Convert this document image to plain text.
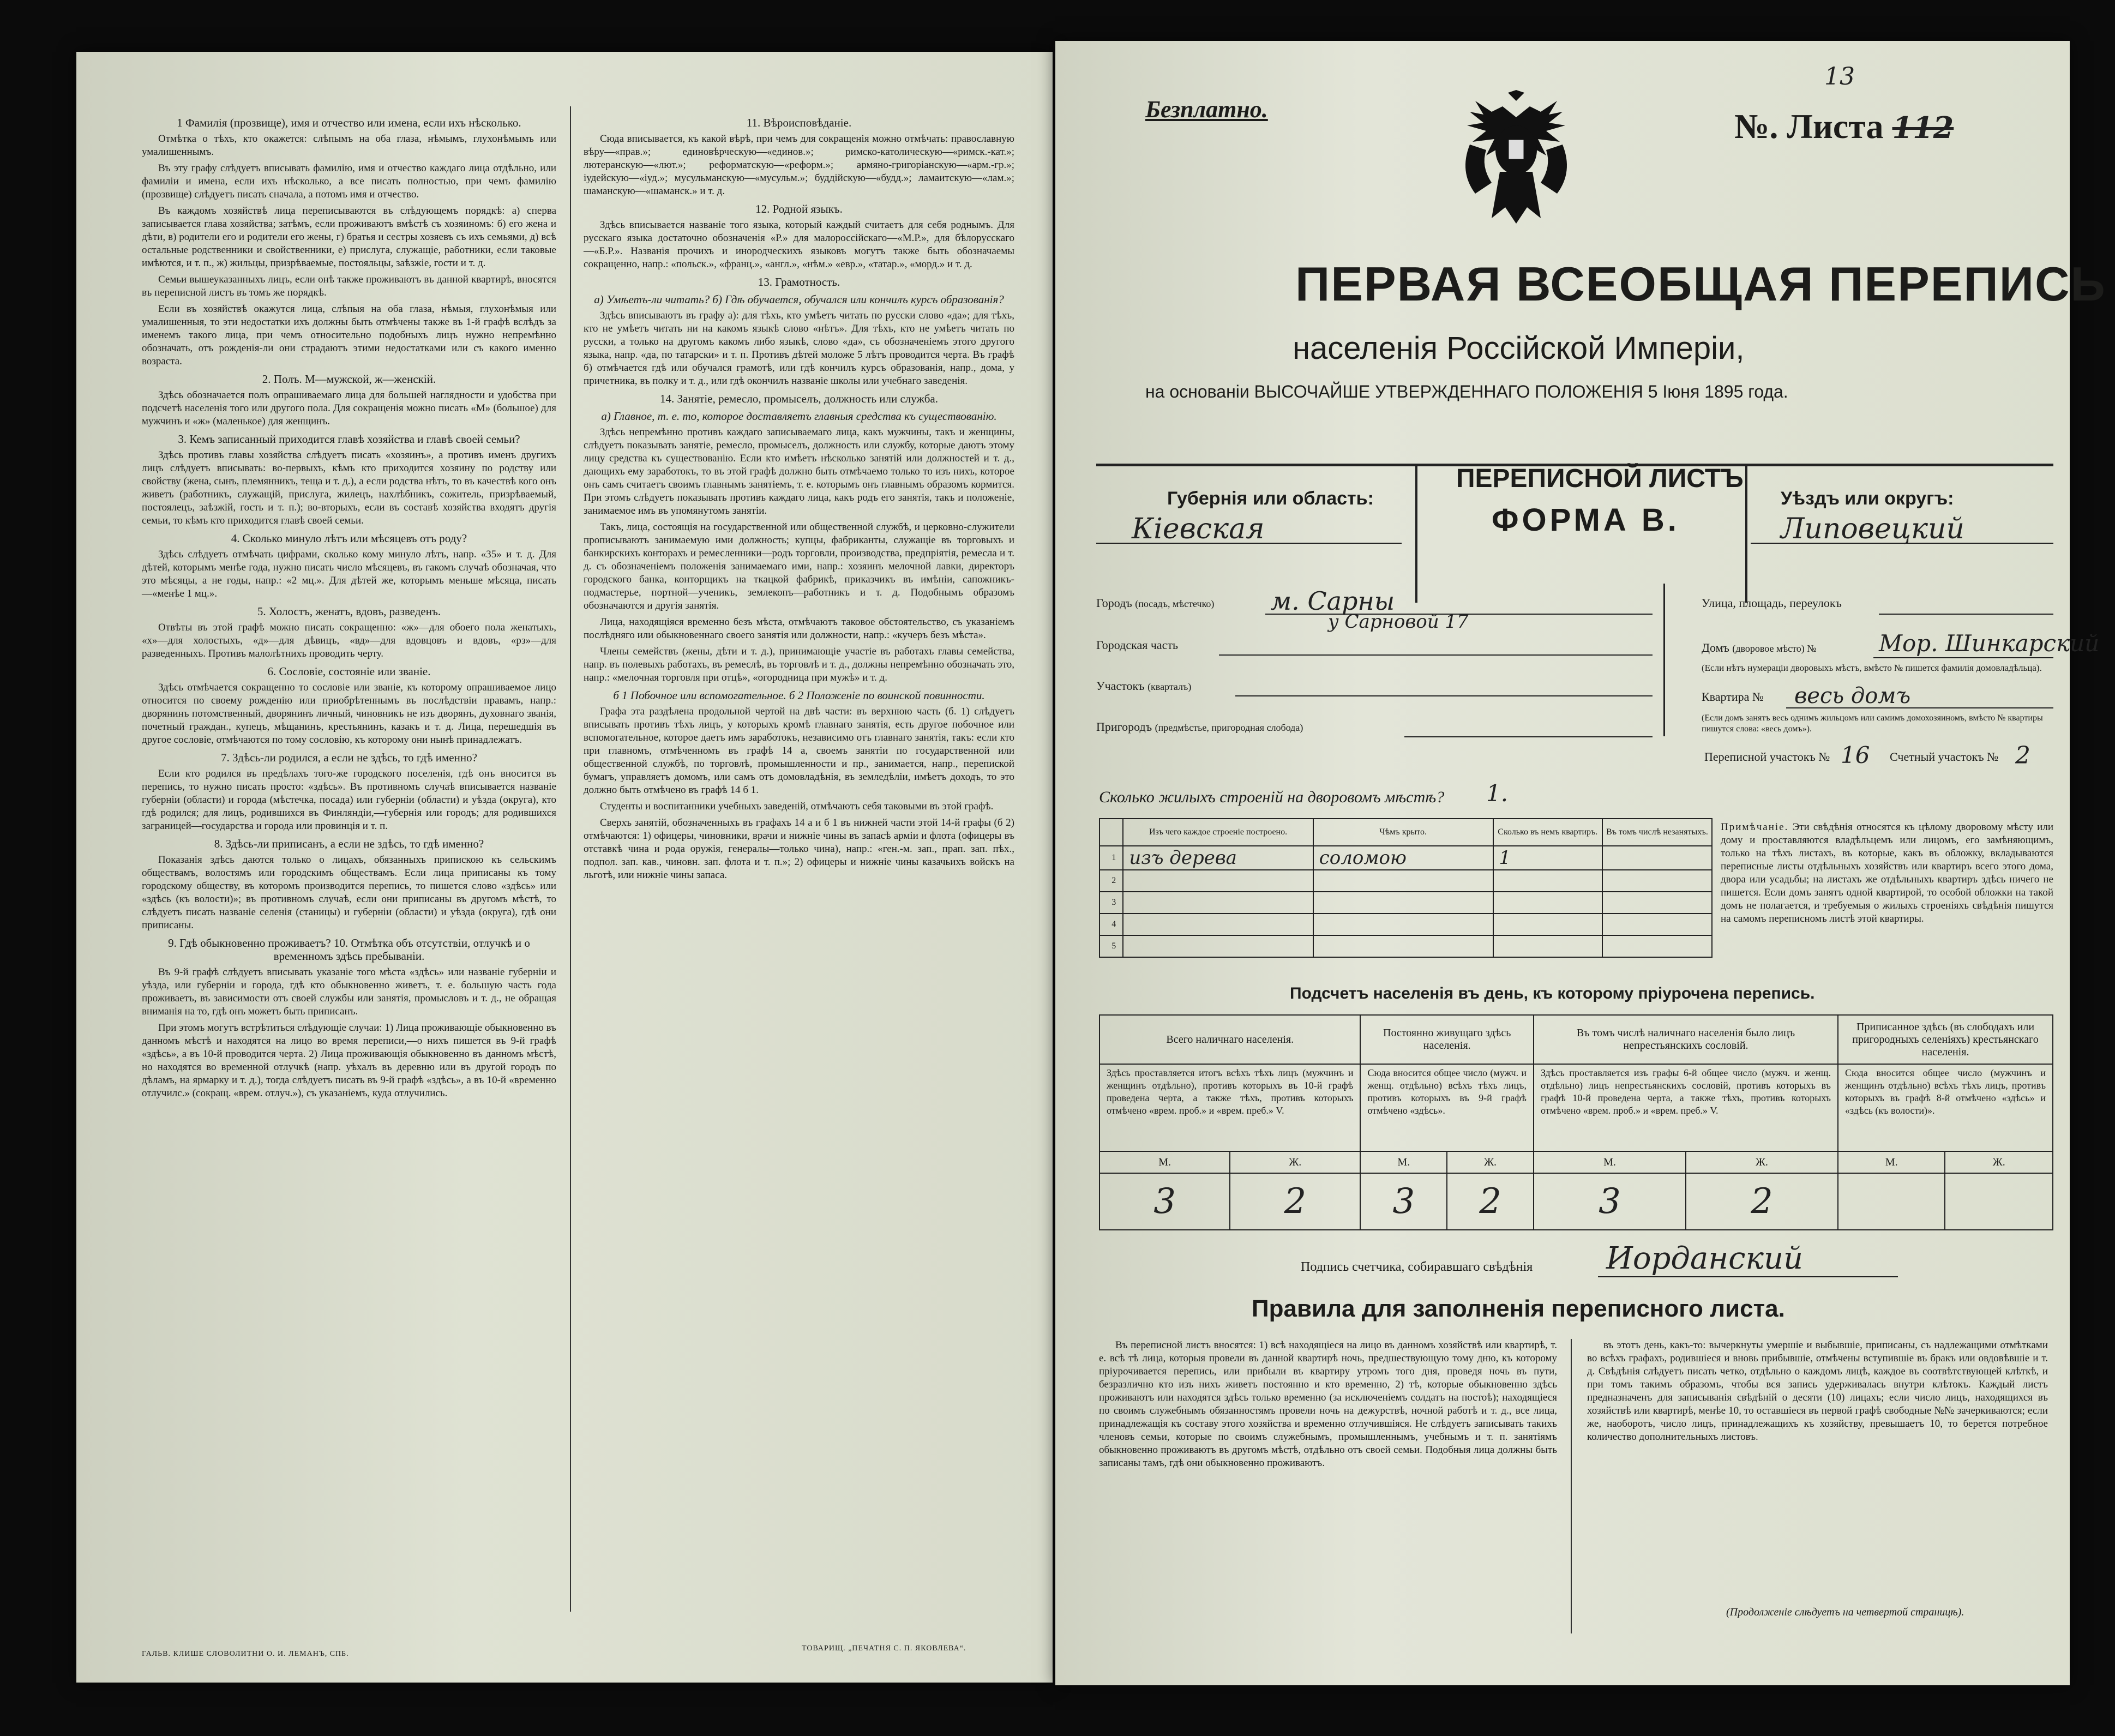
1 Фамилія (прозвище), имя и отчество или имена, если ихъ нѣсколько.

Отмѣтка о тѣхъ, кто окажется: слѣпымъ на оба глаза, нѣмымъ, глухонѣмымъ или умалишеннымъ.

Въ эту графу слѣдуетъ вписывать фамилію, имя и отчество каждаго лица отдѣльно, или фамиліи и имена, если ихъ нѣсколько, а все писать полностью, при чемъ фамилію (прозвище) слѣдуетъ писать сначала, а потомъ имя и отчество.

Въ каждомъ хозяйствѣ лица переписываются въ слѣдующемъ порядкѣ: а) сперва записывается глава хозяйства; затѣмъ, если проживаютъ вмѣстѣ съ хозяиномъ: б) его жена и дѣти, в) родители его и родители его жены, г) братья и сестры хозяевъ съ ихъ семьями, д) всѣ остальные родственники и свойственники, е) прислуга, служащіе, работники, если таковые имѣются, и т. п., ж) жильцы, призрѣваемые, постояльцы, заѣзжіе, гости и т. д.

Семьи вышеуказанныхъ лицъ, если онѣ также проживаютъ въ данной квартирѣ, вносятся въ переписной листъ въ томъ же порядкѣ.

Если въ хозяйствѣ окажутся лица, слѣпыя на оба глаза, нѣмыя, глухонѣмыя или умалишенныя, то эти недостатки ихъ должны быть отмѣчены также въ 1-й графѣ вслѣдъ за именемъ такого лица, при чемъ относительно подобныхъ лицъ нужно непремѣнно обозначать, отъ рожденія-ли они страдаютъ этими недостатками или съ какого именно возраста.

2. Полъ. М—мужской, ж—женскій.

Здѣсь обозначается полъ опрашиваемаго лица для большей наглядности и удобства при подсчетѣ населенія того или другого пола. Для сокращенія можно писать «М» (большое) для мужчинъ и «ж» (маленькое) для женщинъ.

3. Кемъ записанный приходится главѣ хозяйства и главѣ своей семьи?

Здѣсь противъ главы хозяйства слѣдуетъ писать «хозяинъ», а противъ именъ другихъ лицъ слѣдуетъ вписывать: во-первыхъ, кѣмъ кто приходится хозяину по родству или свойству (жена, сынъ, племянникъ, теща и т. д.), а если родства нѣтъ, то въ качествѣ кого онъ живетъ (работникъ, служащій, прислуга, жилецъ, нахлѣбникъ, сожитель, призрѣваемый, постоялецъ, заѣзжій, гость и т. п.); во-вторыхъ, если въ составѣ хозяйства входятъ другія семьи, то кѣмъ кто приходится главѣ своей семьи.

4. Сколько минуло лѣтъ или мѣсяцевъ отъ роду?

Здѣсь слѣдуетъ отмѣчать цифрами, сколько кому минуло лѣтъ, напр. «35» и т. д. Для дѣтей, которымъ менѣе года, нужно писать число мѣсяцевъ, въ гакомъ случаѣ обозначая, что это мѣсяцы, а не годы, напр.: «2 мц.». Для дѣтей же, которымъ меньше мѣсяца, писать—«менѣе 1 мц.».

5. Холостъ, женатъ, вдовъ, разведенъ.

Отвѣты въ этой графѣ можно писать сокращенно: «ж»—для обоего пола женатыхъ, «х»—для холостыхъ, «д»—для дѣвицъ, «вд»—для вдовцовъ и вдовъ, «рз»—для разведенныхъ. Противъ малолѣтнихъ проводить черту.

6. Сословіе, состояніе или званіе.

Здѣсь отмѣчается сокращенно то сословіе или званіе, къ которому опрашиваемое лицо относится по своему рожденію или приобрѣтеннымъ въ послѣдствіи правамъ, напр.: дворянинъ потомственный, дворянинъ личный, чиновникъ не изъ дворянъ, духовнаго званія, почетный граждан., купецъ, мѣщанинъ, крестьянинъ, казакъ и т. д. Лица, перешедшія въ другое сословіе, отмѣчаются по тому сословію, къ которому они нынѣ принадлежатъ.

7. Здѣсь-ли родился, а если не здѣсь, то гдѣ именно?

Если кто родился въ предѣлахъ того-же городского поселенія, гдѣ онъ вносится въ перепись, то нужно писать просто: «здѣсь». Въ противномъ случаѣ вписывается названіе губерніи (области) и города (мѣстечка, посада) или губерніи (области) и уѣзда (округа), кто гдѣ родился; для лицъ, родившихся въ Финляндіи,—губернія или городъ; для родившихся заграницей—государства и города или провинція и т. п.

8. Здѣсь-ли приписанъ, а если не здѣсь, то гдѣ именно?

Показанія здѣсь даются только о лицахъ, обязанныхъ припискою къ сельскимъ обществамъ, волостямъ или городскимъ обществамъ. Если лица приписаны къ тому городскому обществу, въ которомъ производится перепись, то пишется слово «здѣсь» или «здѣсь (къ волости)»; въ противномъ случаѣ, если они приписаны въ другомъ мѣстѣ, то слѣдуетъ писать названіе селенія (станицы) и губерніи (области) и уѣзда (округа), гдѣ они приписаны.

9. Гдѣ обыкновенно проживаетъ? 10. Отмѣтка объ отсутствіи, отлучкѣ и о временномъ здѣсь пребываніи.

Въ 9-й графѣ слѣдуетъ вписывать указаніе того мѣста «здѣсь» или названіе губерніи и уѣзда, или губерніи и города, гдѣ кто обыкновенно живетъ, т. е. большую часть года проживаетъ, въ зависимости отъ своей службы или занятія, промысловъ и т. д., не обращая вниманія на то, гдѣ онъ можетъ быть приписанъ.

При этомъ могутъ встрѣтиться слѣдующіе случаи: 1) Лица проживающіе обыкновенно въ данномъ мѣстѣ и находятся на лицо во время переписи,—о нихъ пишется въ 9-й графѣ «здѣсь», а въ 10-й проводится черта. 2) Лица проживающія обыкновенно въ данномъ мѣстѣ, но находятся во временной отлучкѣ (напр. уѣхалъ въ деревню или въ другой городъ по дѣламъ, на ярмарку и т. д.), тогда слѣдуетъ писать въ 9-й графѣ «здѣсь», а въ 10-й «временно отлучилс.» (сокращ. «врем. отлуч.»), съ указаніемъ, куда отлучились.

11. Вѣроисповѣданіе.

Сюда вписывается, къ какой вѣрѣ, при чемъ для сокращенія можно отмѣчать: православную вѣру—«прав.»; единовѣрческую—«единов.»; римско-католическую—«римск.-кат.»; лютеранскую—«лют.»; реформатскую—«реформ.»; армяно-григоріанскую—«арм.-гр.»; іудейскую—«іуд.»; мусульманскую—«мусульм.»; буддійскую—«будд.»; ламаитскую—«лам.»; шаманскую—«шаманск.» и т. д.

12. Родной языкъ.

Здѣсь вписывается названіе того языка, который каждый считаетъ для себя роднымъ. Для русскаго языка достаточно обозначенія «Р.» для малороссійскаго—«М.Р.», для бѣлорусскаго—«Б.Р.». Названія прочихъ и инородческихъ языковъ могутъ также быть обозначаемы сокращенно, напр.: «польск.», «франц.», «англ.», «нѣм.» «евр.», «татар.», «морд.» и т. д.

13. Грамотность.
а) Умѣетъ-ли читать? б) Гдѣ обучается, обучался или кончилъ курсъ образованія?

Здѣсь вписываютъ въ графу а): для тѣхъ, кто умѣетъ читать по русски слово «да»; для тѣхъ, кто не умѣетъ читать ни на какомъ языкѣ слово «нѣтъ». Для тѣхъ, кто не умѣетъ читать по русски, а только на другомъ какомъ либо языкѣ, слово «да», съ обозначеніемъ этого другого языка, напр. «да, по татарски» и т. п. Противъ дѣтей моложе 5 лѣтъ проводится черта. Въ графѣ б) отмѣчается гдѣ или обучался грамотѣ, или гдѣ кончилъ курсъ образованія, напр., дома, у причетника, въ полку и т. д., или гдѣ окончилъ названіе школы или учебнаго заведенія.

14. Занятіе, ремесло, промыселъ, должность или служба.
а) Главное, т. е. то, которое доставляетъ главныя средства къ существованію.

Здѣсь непремѣнно противъ каждаго записываемаго лица, какъ мужчины, такъ и женщины, слѣдуетъ показывать занятіе, ремесло, промыселъ, должность или службу, которые даютъ этому лицу средства къ существованію. Если кто имѣетъ нѣсколько занятій или должностей и т. д., дающихъ ему заработокъ, то въ этой графѣ должно быть отмѣчаемо только то изъ нихъ, которое онъ самъ считаетъ своимъ главнымъ занятіемъ, т. е. которымъ онъ главнымъ образомъ кормится. При этомъ слѣдуетъ показывать противъ каждаго лица, какъ родъ его занятія, такъ и положеніе, занимаемое имъ въ упомянутомъ занятіи.

Такъ, лица, состоящія на государственной или общественной службѣ, и церковно-служители прописываютъ занимаемую ими должность; купцы, фабриканты, служащіе въ торговыхъ и банкирскихъ конторахъ и ремесленники—родъ торговли, производства, предпріятія, ремесла и т. д. съ обозначеніемъ положенія занимаемаго ими, напр.: хозяинъ мелочной лавки, директоръ городского банка, конторщикъ на ткацкой фабрикѣ, приказчикъ въ имѣніи, сапожникъ-подмастерье, портной—ученикъ, землекопъ—работникъ и т. д. Подобнымъ образомъ обозначаются и другія занятія.

Лица, находящіяся временно безъ мѣста, отмѣчаютъ таковое обстоятельство, съ указаніемъ послѣдняго или обыкновеннаго своего занятія или должности, напр.: «кучеръ безъ мѣста».

Члены семействъ (жены, дѣти и т. д.), принимающіе участіе въ работахъ главы семейства, напр. въ полевыхъ работахъ, въ ремеслѣ, въ торговлѣ и т. д., должны непремѣнно обозначать это, напр.: «мелочная торговля при отцѣ», «огородница при мужѣ» и т. д.

б 1 Побочное или вспомогательное. б 2 Положеніе по воинской повинности.

Графа эта раздѣлена продольной чертой на двѣ части: въ верхнюю часть (б. 1) слѣдуетъ вписывать противъ тѣхъ лицъ, у которыхъ кромѣ главнаго занятія, есть другое побочное или вспомогательное, которое даетъ имъ заработокъ, независимо отъ главнаго занятія, такъ: если кто при главномъ, отмѣченномъ въ графѣ 14 а, своемъ занятіи по государственной или общественной службѣ, по торговлѣ, промышленности и пр., занимается, напр., перепиской бумагъ, управляетъ домомъ, или самъ отъ домовладѣнія, въ земледѣліи, имѣетъ доходъ, то это должно быть отмѣчено въ графѣ 14 б 1.

Студенты и воспитанники учебныхъ заведеній, отмѣчаютъ себя таковыми въ этой графѣ.

Сверхъ занятій, обозначенныхъ въ графахъ 14 а и б 1 въ нижней части этой 14-й графы (б 2) отмѣчаются: 1) офицеры, чиновники, врачи и нижніе чины въ запасѣ арміи и флота (офицеры въ отставкѣ чина и рода оружія, генералы—только чина), напр.: «ген.-м. зап., прап. зап. пѣх., подпол. зап. кав., чиновн. зап. флота и т. п.»; 2) офицеры и нижніе чины казачьихъ войскъ на льготѣ, или нижніе чины запаса.

ГАЛЬВ. КЛИШЕ СЛОВОЛИТНИ О. И. ЛЕМАНЪ, СПБ.
ТОВАРИЩ. „ПЕЧАТНЯ С. П. ЯКОВЛЕВА“.
Безплатно.	№. Листа 112
13
ПЕРВАЯ ВСЕОБЩАЯ ПЕРЕПИСЬ
населенія Россійской Имперіи,
на основаніи ВЫСОЧАЙШЕ УТВЕРЖДЕННАГО ПОЛОЖЕНІЯ 5 Іюня 1895 года.
Губернія или область:
Кiевская
ПЕРЕПИСНОЙ ЛИСТЪ
ФОРМА В.
Уѣздъ или округъ:
Липовецкий
Городъ (посадъ, мѣстечко) м. Сарны
у Сарновой 17
Городская часть
Участокъ (кварталъ)
Пригородъ (предмѣстье, пригородная слобода)
Улица, площадь, переулокъ
Домъ (дворовое мѣсто) №	Мор. Шинкарский
(Если нѣтъ нумераціи дворовыхъ мѣстъ, вмѣсто № пишется фамилія домовладѣльца).
Квартира № весь домъ
(Если домъ занятъ весь однимъ жильцомъ или самимъ домохозяиномъ, вмѣсто № квартиры пишутся слова: «весь домъ»).
Переписной участокъ № 16 Счетный участокъ № 2
Сколько жилыхъ строеній на дворовомъ мѣстѣ? 1.
	Изъ чего каждое строеніе построено.	Чѣмъ крыто.	Сколько въ немъ квартиръ.	Въ томъ числѣ незанятыхъ.
1	изъ дерева	соломою	1	
2				
3				
4				
5				
Примѣчаніе. Эти свѣдѣнія относятся къ цѣлому дворовому мѣсту или дому и проставляются владѣльцемъ или лицомъ, его замѣняющимъ, только на тѣхъ листахъ, въ которые, какъ въ обложку, вкладываются переписные листы отдѣльныхъ хозяйствъ или квартиръ всего этого дома, двора или усадьбы; на листахъ же отдѣльныхъ квартиръ здѣсь ничего не пишется. Если домъ занятъ одной квартирой, то особой обложки на такой домъ не полагается, и требуемыя о жилыхъ строеніяхъ свѣдѣнія пишутся на самомъ переписномъ листѣ этой квартиры.
Подсчетъ населенія въ день, къ которому пріурочена перепись.
Всего наличнаго населенія.		Постоянно живущаго здѣсь населенія.		Въ томъ числѣ наличнаго населенія было лицъ непрестьянскихъ сословій.		Приписанное здѣсь (въ слободахъ или пригородныхъ селеніяхъ) крестьянскаго населенія.	
Здѣсь проставляется итогъ всѣхъ тѣхъ лицъ (мужчинъ и женщинъ отдѣльно), противъ которыхъ въ 10-й графѣ проведена черта, а также тѣхъ, противъ которыхъ отмѣчено «врем. проб.» и «врем. преб.» V.		Сюда вносится общее число (мужч. и женщ. отдѣльно) всѣхъ тѣхъ лицъ, противъ которыхъ въ 9-й графѣ отмѣчено «здѣсь».		Здѣсь проставляется изъ графы 6-й общее число (мужч. и женщ. отдѣльно) лицъ непрестьянскихъ сословій, противъ которыхъ въ графѣ 10-й проведена черта, а также тѣхъ, противъ которыхъ отмѣчено «врем. проб.» и «врем. преб.» V.		Сюда вносится общее число (мужчинъ и женщинъ отдѣльно) всѣхъ тѣхъ лицъ, противъ которыхъ въ графѣ 8-й отмѣчено «здѣсь» и «здѣсь (къ волости)».	
М.	Ж.	М.	Ж.	М.	Ж.	М.	Ж.
3	2	3	2	3	2		
Подпись счетчика, собиравшаго свѣдѣнія Иорданский
Правила для заполненія переписного листа.

Въ переписной листъ вносятся: 1) всѣ находящіеся на лицо въ данномъ хозяйствѣ или квартирѣ, т. е. всѣ тѣ лица, которыя провели въ данной квартирѣ ночь, предшествующую тому дню, къ которому пріурочивается перепись, или прибыли въ квартиру утромъ того дня, проведя ночь въ пути, безразлично кто изъ нихъ живетъ постоянно и кто временно, 2) тѣ, которые обыкновенно здѣсь проживаютъ или находятся здѣсь только временно (за исключеніемъ солдатъ на постоѣ); находящіеся по своимъ служебнымъ обязанностямъ провели ночь на дежурствѣ, ночной работѣ и т. д., все лица, принадлежащія къ составу этого хозяйства и временно отлучившіяся. Не слѣдуетъ записывать такихъ членовъ семьи, которые по своимъ служебнымъ, промышленнымъ, учебнымъ и т. п. занятіямъ обыкновенно проживаютъ въ другомъ мѣстѣ, отдѣльно отъ своей семьи. Подобныя лица должны быть записаны тамъ, гдѣ они обыкновенно проживаютъ.

въ этотъ день, какъ-то: вычеркнуты умершіе и выбывшіе, приписаны, съ надлежащими отмѣтками во всѣхъ графахъ, родившіеся и вновь прибывшіе, отмѣчены вступившіе въ бракъ или овдовѣвшіе и т. д. Свѣдѣнія слѣдуетъ писать четко, отдѣльно о каждомъ лицѣ, каждое въ соотвѣтствующей клѣткѣ, и при томъ такимъ образомъ, чтобы вся запись удерживалась внутри клѣтокъ. Каждый листъ предназначенъ для записыванія свѣдѣній о десяти (10) лицахъ; если число лицъ, находящихся въ хозяйствѣ или квартирѣ, менѣе 10, то оставшіеся въ первой графѣ свободные №№ зачеркиваются; если же, наоборотъ, число лицъ, принадлежащихъ къ хозяйству, превышаетъ 10, то берется потребное количество дополнительныхъ листовъ.

(Продолженіе слѣдуетъ на четвертой страницѣ).
